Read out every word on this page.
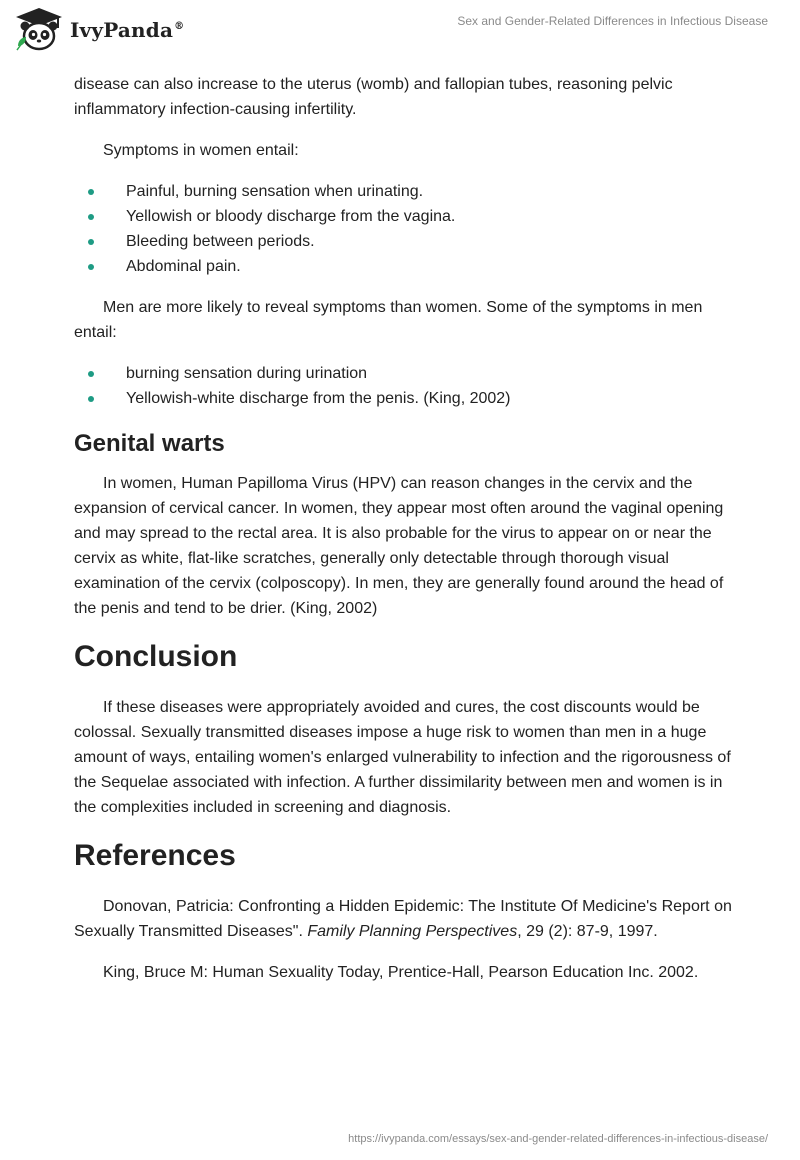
IvyPanda®	Sex and Gender-Related Differences in Infectious Disease

disease can also increase to the uterus (womb) and fallopian tubes, reasoning pelvic inflammatory infection-causing infertility.

Symptoms in women entail:

Painful, burning sensation when urinating.
Yellowish or bloody discharge from the vagina.
Bleeding between periods.
Abdominal pain.

Men are more likely to reveal symptoms than women. Some of the symptoms in men entail:

burning sensation during urination
Yellowish-white discharge from the penis. (King, 2002)
Genital warts

In women, Human Papilloma Virus (HPV) can reason changes in the cervix and the expansion of cervical cancer. In women, they appear most often around the vaginal opening and may spread to the rectal area. It is also probable for the virus to appear on or near the cervix as white, flat-like scratches, generally only detectable through thorough visual examination of the cervix (colposcopy). In men, they are generally found around the head of the penis and tend to be drier. (King, 2002)

Conclusion

If these diseases were appropriately avoided and cures, the cost discounts would be colossal. Sexually transmitted diseases impose a huge risk to women than men in a huge amount of ways, entailing women's enlarged vulnerability to infection and the rigorousness of the Sequelae associated with infection. A further dissimilarity between men and women is in the complexities included in screening and diagnosis.

References

Donovan, Patricia: Confronting a Hidden Epidemic: The Institute Of Medicine's Report on Sexually Transmitted Diseases". Family Planning Perspectives, 29 (2): 87-9, 1997.

King, Bruce M: Human Sexuality Today, Prentice-Hall, Pearson Education Inc. 2002.

https://ivypanda.com/essays/sex-and-gender-related-differences-in-infectious-disease/
